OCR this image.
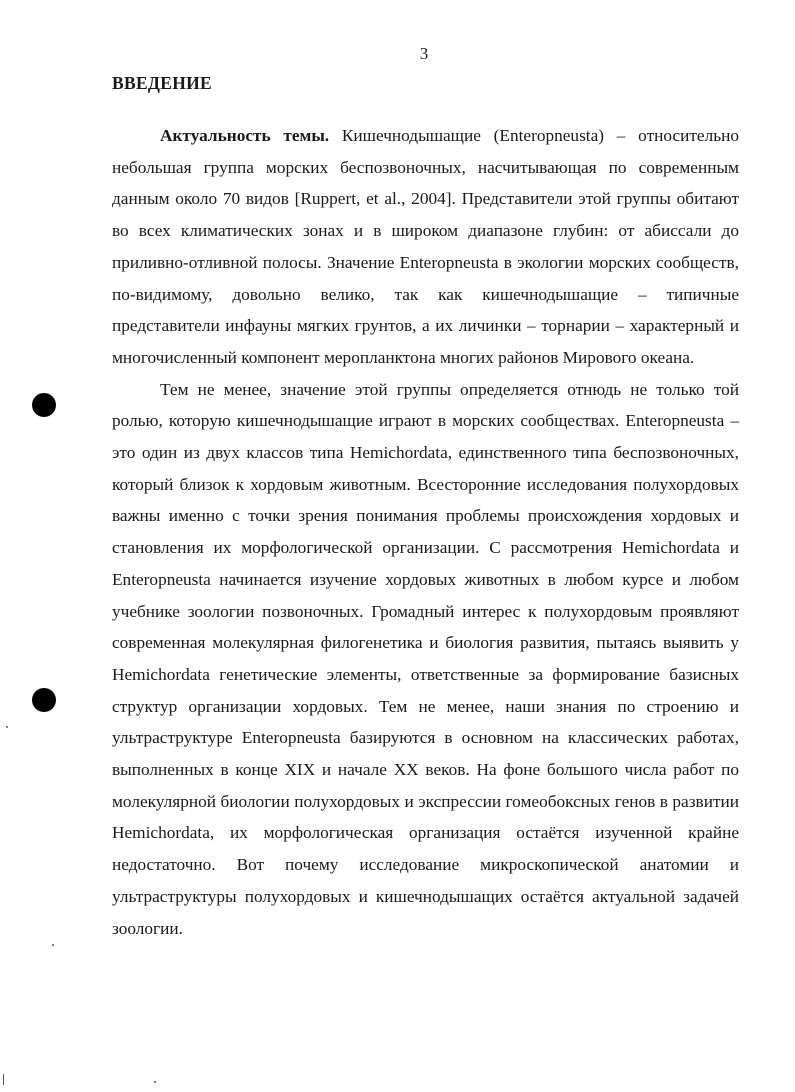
3
ВВЕДЕНИЕ

Актуальность темы. Кишечнодышащие (Enteropneusta) – относительно небольшая группа морских беспозвоночных, насчитывающая по современным данным около 70 видов [Ruppert, et al., 2004]. Представители этой группы обитают во всех климатических зонах и в широком диапазоне глубин: от абиссали до приливно-отливной полосы. Значение Enteropneusta в экологии морских сообществ, по-видимому, довольно велико, так как кишечнодышащие – типичные представители инфауны мягких грунтов, а их личинки – торнарии – характерный и многочисленный компонент меропланктона многих районов Мирового океана.

Тем не менее, значение этой группы определяется отнюдь не только той ролью, которую кишечнодышащие играют в морских сообществах. Enteropneusta – это один из двух классов типа Hemichordata, единственного типа беспозвоночных, который близок к хордовым животным. Всесторонние исследования полухордовых важны именно с точки зрения понимания проблемы происхождения хордовых и становления их морфологической организации. С рассмотрения Hemichordata и Enteropneusta начинается изучение хордовых животных в любом курсе и любом учебнике зоологии позвоночных. Громадный интерес к полухордовым проявляют современная молекулярная филогенетика и биология развития, пытаясь выявить у Hemichordata генетические элементы, ответственные за формирование базисных структур организации хордовых. Тем не менее, наши знания по строению и ультраструктуре Enteropneusta базируются в основном на классических работах, выполненных в конце XIX и начале XX веков. На фоне большого числа работ по молекулярной биологии полухордовых и экспрессии гомеобоксных генов в развитии Hemichordata, их морфологическая организация остаётся изученной крайне недостаточно. Вот почему исследование микроскопической анатомии и ультраструктуры полухордовых и кишечнодышащих остаётся актуальной задачей зоологии.
